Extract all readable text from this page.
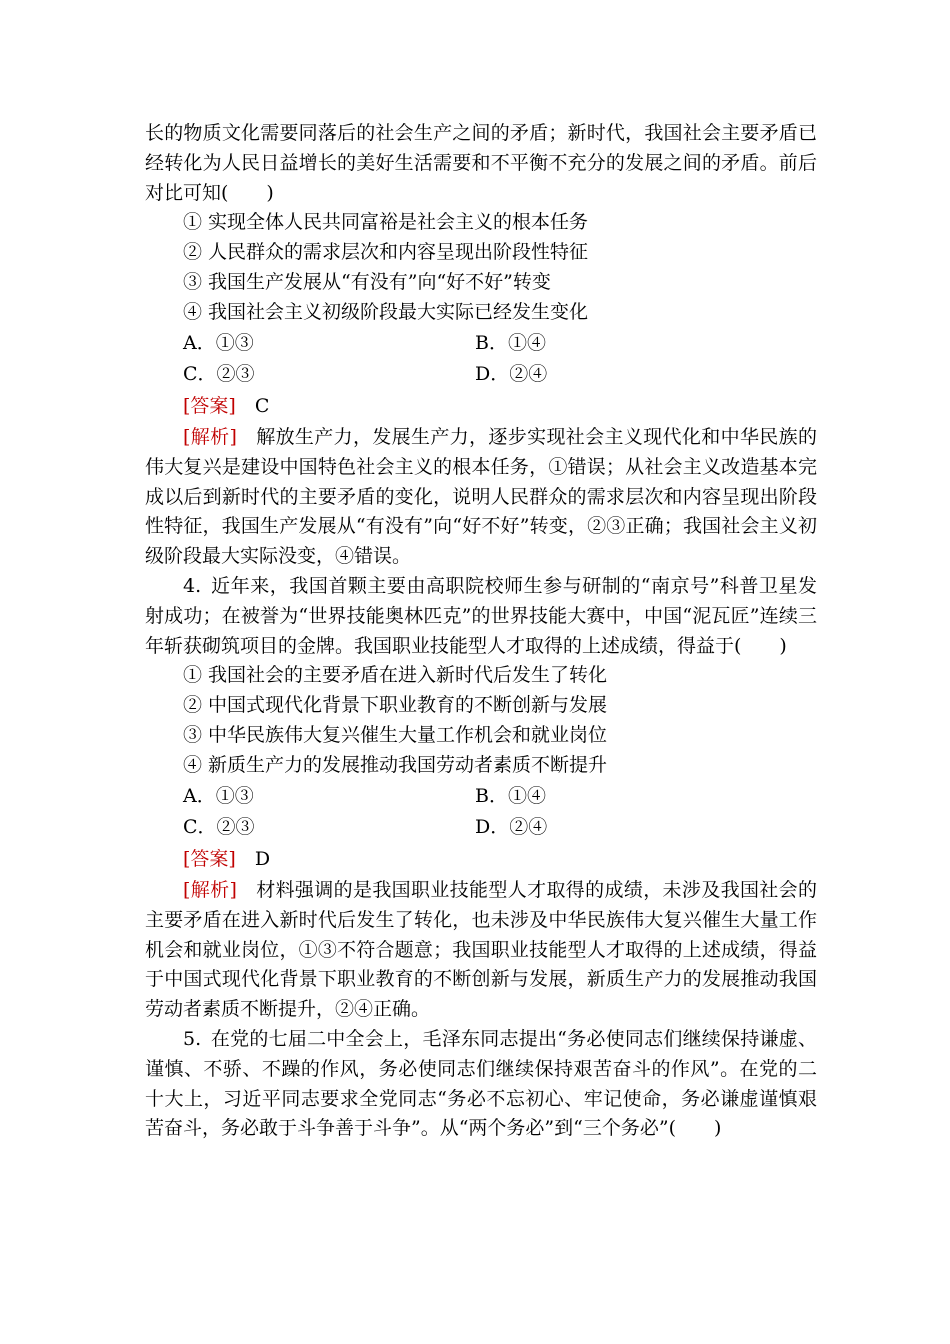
长的物质文化需要同落后的社会生产之间的矛盾；新时代，我国社会主要矛盾已经转化为人民日益增长的美好生活需要和不平衡不充分的发展之间的矛盾。前后对比可知(　　)

① 实现全体人民共同富裕是社会主义的根本任务
② 人民群众的需求层次和内容呈现出阶段性特征
③ 我国生产发展从“有没有”向“好不好”转变
④ 我国社会主义初级阶段最大实际已经发生变化
A．①③	B．①④
C．②③	D．②④
[答案]  C

[解析]  解放生产力，发展生产力，逐步实现社会主义现代化和中华民族的伟大复兴是建设中国特色社会主义的根本任务，①错误；从社会主义改造基本完成以后到新时代的主要矛盾的变化，说明人民群众的需求层次和内容呈现出阶段性特征，我国生产发展从“有没有”向“好不好”转变，②③正确；我国社会主义初级阶段最大实际没变，④错误。

4.  近年来，我国首颗主要由高职院校师生参与研制的“南京号”科普卫星发射成功；在被誉为“世界技能奥林匹克”的世界技能大赛中，中国“泥瓦匠”连续三年斩获砌筑项目的金牌。我国职业技能型人才取得的上述成绩，得益于(　　)

① 我国社会的主要矛盾在进入新时代后发生了转化
② 中国式现代化背景下职业教育的不断创新与发展
③ 中华民族伟大复兴催生大量工作机会和就业岗位
④ 新质生产力的发展推动我国劳动者素质不断提升
A．①③	B．①④
C．②③	D．②④
[答案]  D

[解析]  材料强调的是我国职业技能型人才取得的成绩，未涉及我国社会的主要矛盾在进入新时代后发生了转化，也未涉及中华民族伟大复兴催生大量工作机会和就业岗位，①③不符合题意；我国职业技能型人才取得的上述成绩，得益于中国式现代化背景下职业教育的不断创新与发展，新质生产力的发展推动我国劳动者素质不断提升，②④正确。

5.  在党的七届二中全会上，毛泽东同志提出“务必使同志们继续保持谦虚、谨慎、不骄、不躁的作风，务必使同志们继续保持艰苦奋斗的作风”。在党的二十大上，习近平同志要求全党同志“务必不忘初心、牢记使命，务必谦虚谨慎艰苦奋斗，务必敢于斗争善于斗争”。从“两个务必”到“三个务必”(　　)
